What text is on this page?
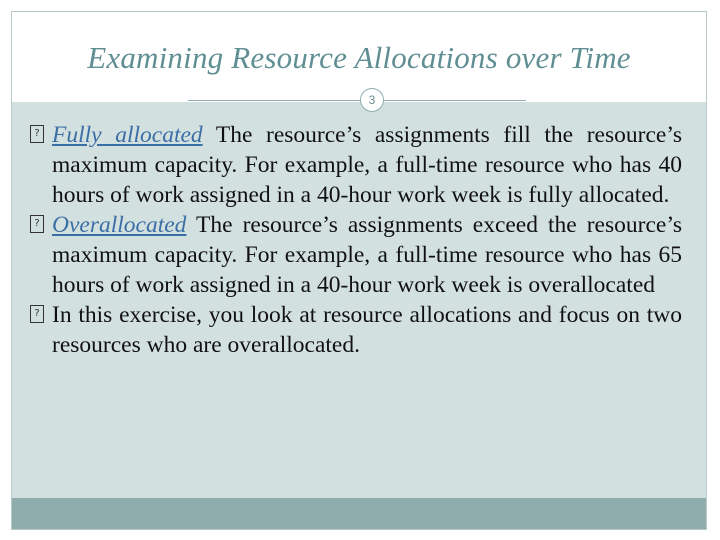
Examining Resource Allocations over Time
3
? Fully allocated The resource’s assignments fill the resource’s maximum capacity. For example, a full-time resource who has 40 hours of work assigned in a 40-hour work week is fully allocated.
? Overallocated The resource’s assignments exceed the resource’s maximum capacity. For example, a full-time resource who has 65 hours of work assigned in a 40-hour work week is overallocated
? In this exercise, you look at resource allocations and focus on two resources who are overallocated.
